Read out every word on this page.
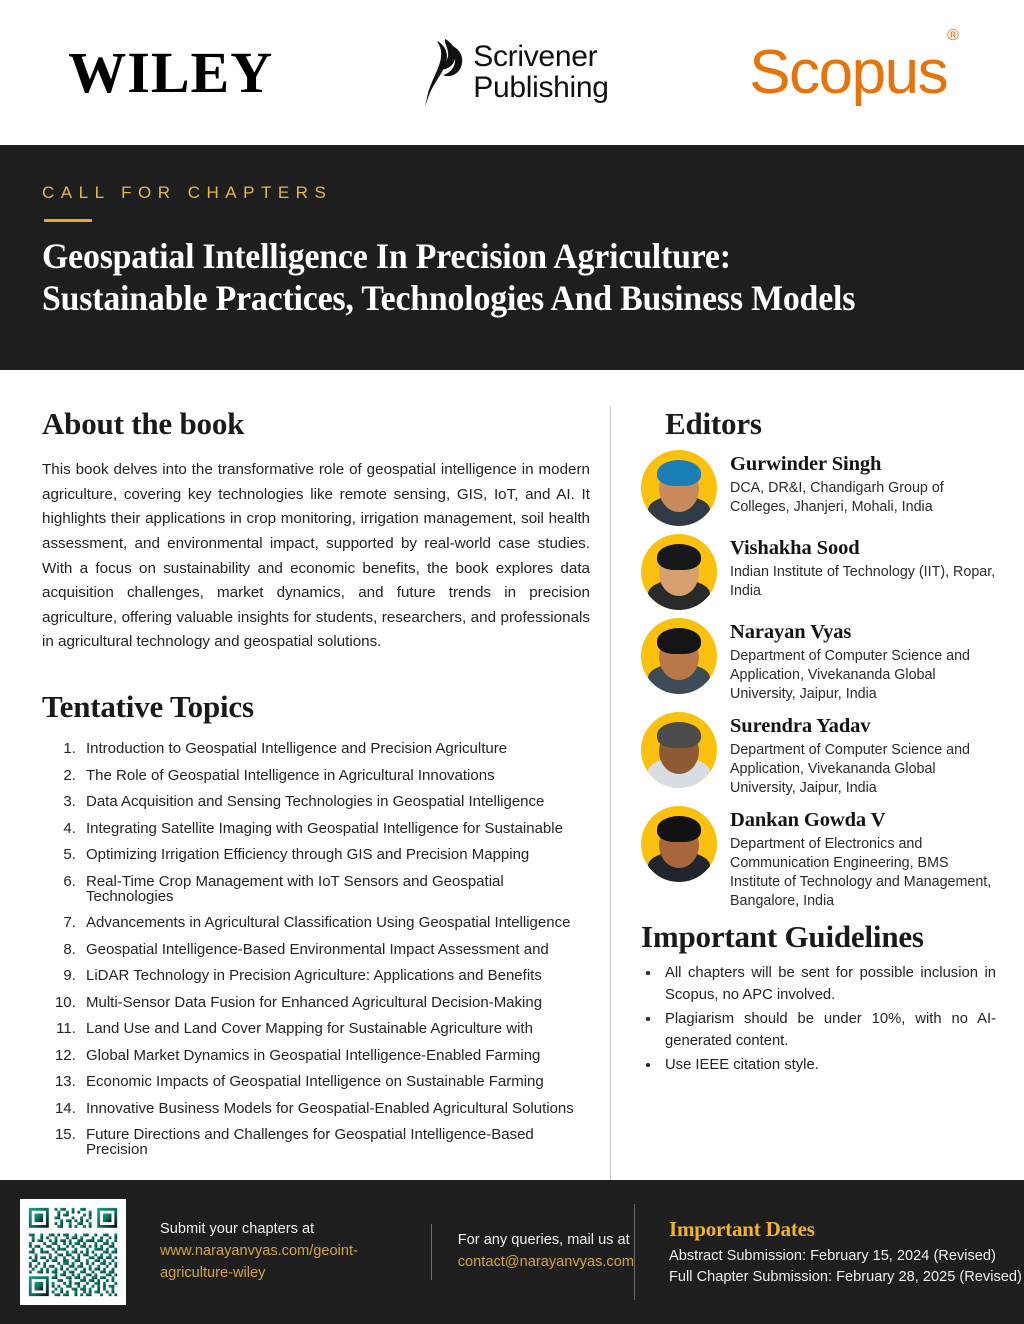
WILEY	Scrivener
Publishing Scopus®
CALL FOR CHAPTERS
Geospatial Intelligence In Precision Agriculture:
Sustainable Practices, Technologies And Business Models
About the book
This book delves into the transformative role of geospatial intelligence in modern agriculture, covering key technologies like remote sensing, GIS, IoT, and AI. It highlights their applications in crop monitoring, irrigation management, soil health assessment, and environmental impact, supported by real-world case studies. With a focus on sustainability and economic benefits, the book explores data acquisition challenges, market dynamics, and future trends in precision agriculture, offering valuable insights for students, researchers, and professionals in agricultural technology and geospatial solutions.
Tentative Topics
1. Introduction to Geospatial Intelligence and Precision Agriculture
2. The Role of Geospatial Intelligence in Agricultural Innovations
3. Data Acquisition and Sensing Technologies in Geospatial Intelligence
4. Integrating Satellite Imaging with Geospatial Intelligence for Sustainable
5. Optimizing Irrigation Efficiency through GIS and Precision Mapping
6. Real-Time Crop Management with IoT Sensors and Geospatial Technologies
7. Advancements in Agricultural Classification Using Geospatial Intelligence
8. Geospatial Intelligence-Based Environmental Impact Assessment and
9. LiDAR Technology in Precision Agriculture: Applications and Benefits
10. Multi-Sensor Data Fusion for Enhanced Agricultural Decision-Making
11. Land Use and Land Cover Mapping for Sustainable Agriculture with
12. Global Market Dynamics in Geospatial Intelligence-Enabled Farming
13. Economic Impacts of Geospatial Intelligence on Sustainable Farming
14. Innovative Business Models for Geospatial-Enabled Agricultural Solutions
15. Future Directions and Challenges for Geospatial Intelligence-Based Precision
Editors
Gurwinder Singh
DCA, DR&I, Chandigarh Group of Colleges, Jhanjeri, Mohali, India
Vishakha Sood
Indian Institute of Technology (IIT), Ropar, India
Narayan Vyas
Department of Computer Science and Application, Vivekananda Global University, Jaipur, India
Surendra Yadav
Department of Computer Science and Application, Vivekananda Global University, Jaipur, India
Dankan Gowda V
Department of Electronics and Communication Engineering, BMS Institute of Technology and Management, Bangalore, India
Important Guidelines
• All chapters will be sent for possible inclusion in Scopus, no APC involved.
• Plagiarism should be under 10%, with no AI-generated content.
• Use IEEE citation style.
Submit your chapters at
www.narayanvyas.com/geoint-agriculture-wiley
For any queries, mail us at
contact@narayanvyas.com
Important Dates
Abstract Submission: February 15, 2024 (Revised)
Full Chapter Submission: February 28, 2025 (Revised)
